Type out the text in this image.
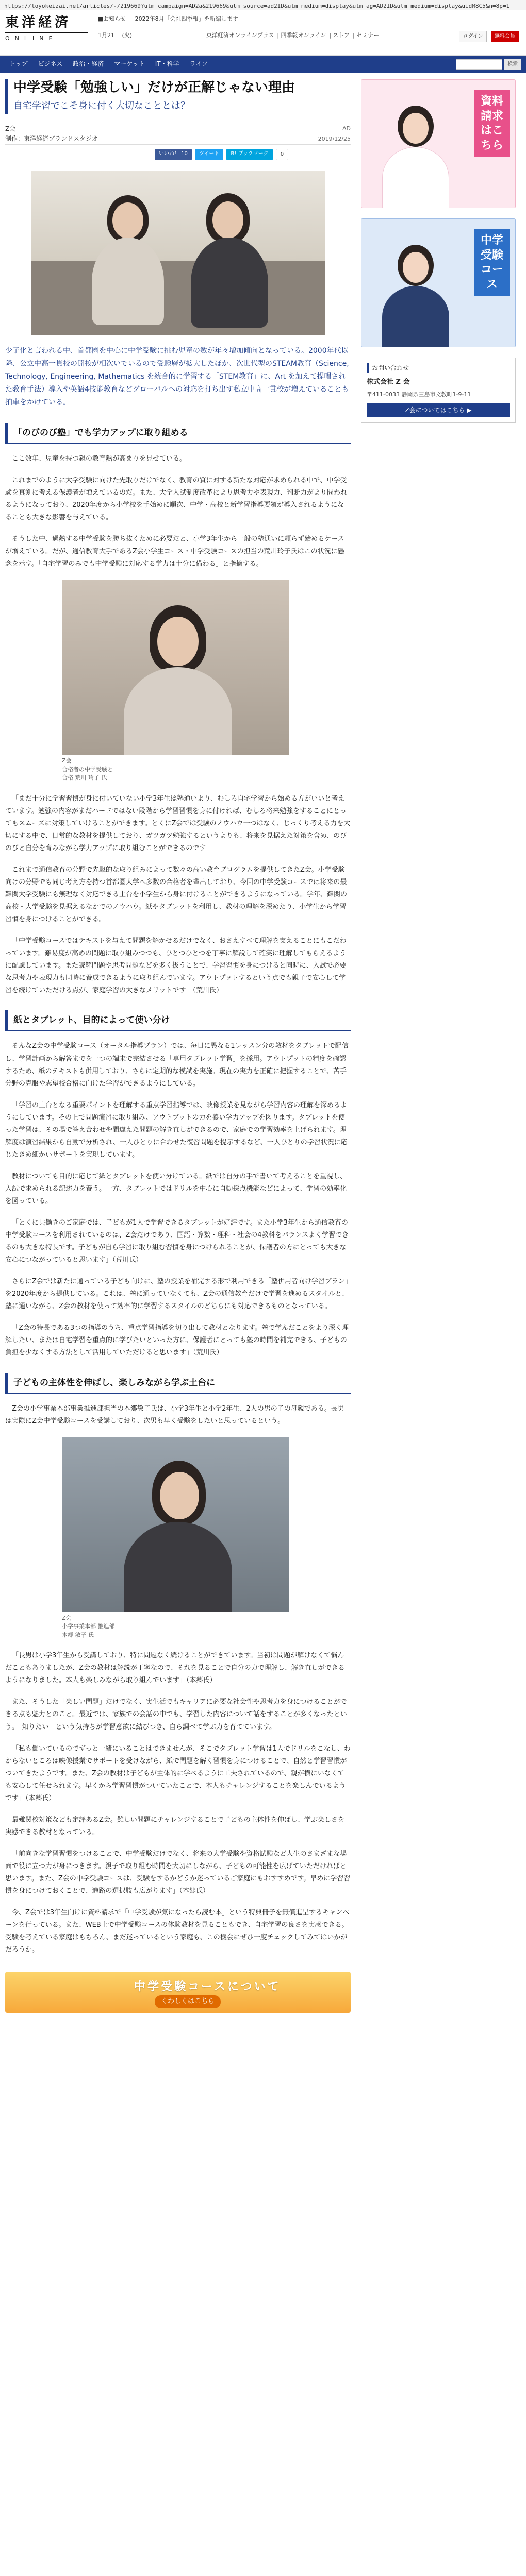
https://toyokeizai.net/articles/-/219669?utm_campaign=AD2a&219669&utm_source=ad2ID&utm_medium=display&utm_ag=AD2ID&utm_medium=display&uidM8C5&n=8p=1
東洋経済
ONLINE
■お知らせ 2022年8月「会社四季報」を新編します
1月21日 (火)	東洋経済オンラインプラス | 四季報オンライン | ストア | セミナー	ログイン 無料会員
トップ	ビジネス	政治・経済	マーケット	IT・科学	ライフ	検索
中学受験「勉強しい」だけが正解じゃない理由
自宅学習でこそ身に付く大切なこととは？
Z会
制作：東洋経済ブランドスタジオ
AD
2019/12/25
いいね！ 10	ツイート	B! ブックマーク	0

少子化と言われる中、首都圏を中心に中学受験に挑む児童の数が年々増加傾向となっている。2000年代以降、公立中高一貫校の開校が相次いでいるので受験層が拡大したほか、次世代型のSTEAM教育（Science, Technology, Engineering, Mathematics を統合的に学習する「STEM教育」に、Art を加えて提唱された教育手法）導入や英語4技能教育などグローバルへの対応を打ち出す私立中高一貫校が増えていることも拍車をかけている。

「のびのび塾」でも学力アップに取り組める

ここ数年、児童を持つ親の教育熱が高まりを見せている。

これまでのように大学受験に向けた先取りだけでなく、教育の質に対する新たな対応が求められる中で、中学受験を真剣に考える保護者が増えているのだ。また、大学入試制度改革により思考力や表現力、判断力がより問われるようになっており、2020年度から小学校を手始めに順次、中学・高校と新学習指導要領が導入されるようになることも大きな影響を与えている。

そうした中、過熱する中学受験を勝ち抜くために必要だと、小学3年生から一般の塾通いに頼らず始めるケースが増えている。だが、通信教育大手であるZ会小学生コース・中学受験コースの担当の荒川玲子氏はこの状況に懸念を示す。「自宅学習のみでも中学受験に対応する学力は十分に備わる」と指摘する。

Z会
合格者の中学受験と
合格 荒川 玲子 氏

「まだ十分に学習習慣が身に付いていない小学3年生は塾通いより、むしろ自宅学習から始める方がいいと考えています。勉強の内容がまだハードではない段階から学習習慣を身に付ければ、むしろ将来勉強をすることにとってもスムーズに対策していけることができます。とくにZ会では受験のノウハウ一つはなく、じっくり考える力を大切にする中で、日常的な教材を提供しており、ガツガツ勉強するというよりも、将来を見据えた対策を含め、のびのびと自分を育みながら学力アップに取り組むことができるのです」

これまで通信教育の分野で先駆的な取り組みによって数々の高い教育ブログラムを提供してきたZ会。小学受験向けの分野でも同じ考え方を持つ首都圏大学へ多数の合格者を輩出しており、今回の中学受験コースでは将来の最難関大学受験にも無理なく対応できる土台を小学生から身に付けることができるようになっている。学年、難関の高校・大学受験を見据えるなかでのノウハウ。紙やタブレットを利用し、教材の理解を深めたり、小学生から学習習慣を身につけることができる。

「中学受験コースではテキストを与えて問題を解かせるだけでなく、おさえすべて理解を支えることにもこだわっています。難易度が高めの問題に取り組みつつも、ひとつひとつを丁寧に解説して確実に理解してもらえるように配慮しています。また読解問題や思考問題などを多く扱うことで、学習習慣を身につけると同時に、入試で必要な思考力や表現力も同時に養成できるように取り組んでいます。アウトプットするという点でも親子で安心して学習を続けていただける点が、家庭学習の大きなメリットです」（荒川氏）

紙とタブレット、目的によって使い分け

そんなZ会の中学受験コース（オータル指導プラン）では、毎日に異なる1レッスン分の教材をタブレットで配信し、学習計画から解答までを一つの端末で完結させる「専用タブレット学習」を採用。アウトプットの精度を確認するため、紙のテキストも併用しており、さらに定期的な模試を実施。現在の実力を正確に把握することで、苦手分野の克服や志望校合格に向けた学習ができるようにしている。

「学習の土台となる重要ポイントを理解する重点学習指導では、映像授業を見ながら学習内容の理解を深めるようにしています。その上で問題演習に取り組み、アウトプットの力を養い学力アップを図ります。タブレットを使った学習は、その場で答え合わせや間違えた問題の解き直しができるので、家庭での学習効率を上げられます。理解度は演習結果から自動で分析され、一人ひとりに合わせた復習問題を提示するなど、一人ひとりの学習状況に応じたきめ細かいサポートを実現しています。

教材についても目的に応じて紙とタブレットを使い分けている。紙では自分の手で書いて考えることを重視し、入試で求められる記述力を養う。一方、タブレットではドリルを中心に自動採点機能などによって、学習の効率化を図っている。

「とくに共働きのご家庭では、子どもが1人で学習できるタブレットが好評です。また小学3年生から通信教育の中学受験コースを利用されているのは、Z会だけであり、国語・算数・理科・社会の4教科をバランスよく学習できるのも大きな特長です。子どもが自ら学習に取り組む習慣を身につけられることが、保護者の方にとっても大きな安心につながっていると思います」（荒川氏）

さらにZ会では新たに通っている子ども向けに、塾の授業を補完する形で利用できる「塾併用者向け学習プラン」を2020年度から提供している。これは、塾に通っていなくても、Z会の通信教育だけで学習を進めるスタイルと、塾に通いながら、Z会の教材を使って効率的に学習するスタイルのどちらにも対応できるものとなっている。

「Z会の特長である3つの指導のうち、重点学習指導を切り出して教材となります。塾で学んだことをより深く理解したい、または自宅学習を重点的に学びたいといった方に、保護者にとっても塾の時間を補完できる、子どもの負担を少なくする方法として活用していただけると思います」（荒川氏）

子どもの主体性を伸ばし、楽しみながら学ぶ土台に

Z会の小学事業本部事業推進部担当の本郷敏子氏は、小学3年生と小学2年生、2人の男の子の母親である。長男は実際にZ会中学受験コースを受講しており、次男も早く受験をしたいと思っているという。

Z会
小学事業本部 推進部
本郷 敏子 氏

「長男は小学3年生から受講しており、特に問題なく続けることができています。当初は問題が解けなくて悩んだこともありましたが、Z会の教材は解説が丁寧なので、それを見ることで自分の力で理解し、解き直しができるようになりました。本人も楽しみながら取り組んでいます」（本郷氏）

また、そうした「楽しい問題」だけでなく、実生活でもキャリアに必要な社会性や思考力を身につけることができる点も魅力とのこと。最近では、家族での会話の中でも、学習した内容について話をすることが多くなったという。「知りたい」という気持ちが学習意欲に結びつき、自ら調べて学ぶ力を育てています。

「私も働いているのでずっと一緒にいることはできませんが、そこでタブレット学習は1人でドリルをこなし、わからないところは映像授業でサポートを受けながら、紙で問題を解く習慣を身につけることで、自然と学習習慣がついてきたようです。また、Z会の教材は子どもが主体的に学べるように工夫されているので、親が横にいなくても安心して任せられます。早くから学習習慣がついていたことで、本人もチャレンジすることを楽しんでいるようです」（本郷氏）

最難関校対策なども定評あるZ会。難しい問題にチャレンジすることで子どもの主体性を伸ばし、学ぶ楽しさを実感できる教材となっている。

「前向きな学習習慣をつけることで、中学受験だけでなく、将来の大学受験や資格試験など人生のさまざまな場面で役に立つ力が身につきます。親子で取り組む時間を大切にしながら、子どもの可能性を広げていただければと思います。また、Z会の中学受験コースは、受験をするかどうか迷っているご家庭にもおすすめです。早めに学習習慣を身につけておくことで、進路の選択肢も広がります」（本郷氏）

今、Z会では3年生向けに資料請求で「中学受験が気になったら読む本」という特典冊子を無償進呈するキャンペーンを行っている。また、WEB上で中学受験コースの体験教材を見ることもでき、自宅学習の良さを実感できる。受験を考えている家庭はもちろん、まだ迷っているという家庭も、この機会にぜひ一度チェックしてみてはいかがだろうか。

中学受験コースについて
くわしくはこちら
資料請求はこちら
中学受験コース
お問い合わせ
株式会社 Z 会
〒411-0033 静岡県三島市文教町1-9-11
Z会についてはこちら ▶
